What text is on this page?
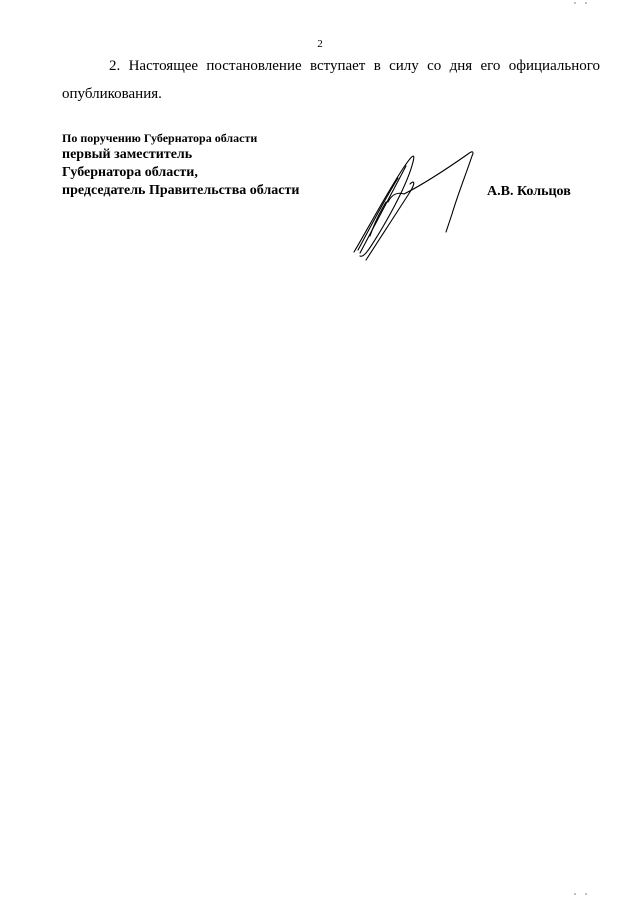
2

2. Настоящее постановление вступает в силу со дня его официального
опубликования.

По поручению Губернатора области
первый заместитель
Губернатора области,
председатель Правительства области	А.В. Кольцов
